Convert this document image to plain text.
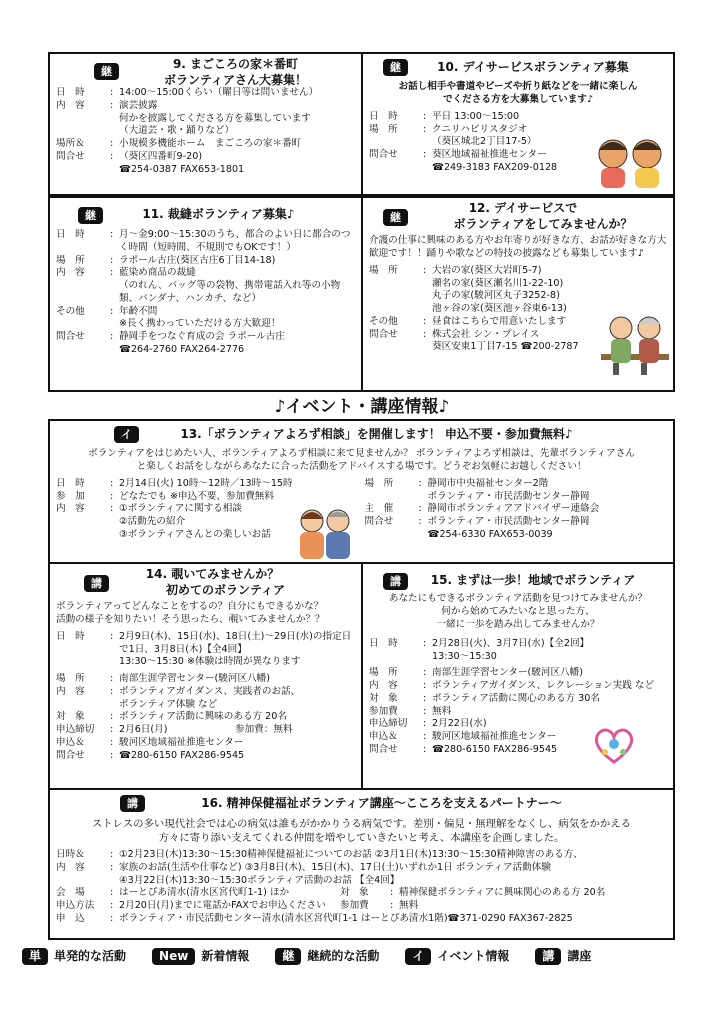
継
9. まごころの家＊番町
ボランティアさん大募集！
日　時	: 14:00～15:00くらい（曜日等は問いません）
内　容	: 演芸披露
何かを披露してくださる方を募集しています
（大道芸・歌・踊りなど）
場所＆	: 小規模多機能ホーム　まごころの家＊番町
問合せ	: （葵区四番町9-20)
☎254-0387 FAX653-1801
継	10. デイサービスボランティア募集
お話し相手や書道やビーズや折り紙などを一緒に楽しん
でくださる方を大募集しています♪
日　時	: 平日 13:00～15:00
場　所	: クニリハビリスタジオ
（葵区城北2丁目17-5）
問合せ	: 葵区地域福祉推進センター
☎249-3183 FAX209-0128
継	11. 裁縫ボランティア募集♪
日　時	: 月～金9:00～15:30のうち、都合のよい日に都合のつく時間（短時間、不規則でもOKです！）
場　所	: ラポール古庄(葵区古庄6丁目14-18)
内　容	: 藍染め商品の裁縫
（のれん、バッグ等の袋物、携帯電話入れ等の小物類、バンダナ、ハンカチ、など）
その他	: 年齢不問
※長く携わっていただける方大歓迎！
問合せ	: 静岡手をつなぐ育成の会 ラポール古庄
☎264-2760 FAX264-2776
継
12. デイサービスで
ボランティアをしてみませんか？
介護の仕事に興味のある方やお年寄りが好きな方、お話が好きな方大歓迎です！！踊りや歌などの特技の披露なども募集しています♪
場　所	: 大岩の家(葵区大岩町5-7)
瀬名の家(葵区瀬名川1-22-10)
丸子の家(駿河区丸子3252-8)
池ヶ谷の家(葵区池ヶ谷東6-13)
その他	: 昼食はこちらで用意いたします
問合せ	: 株式会社 シン・プレイス
葵区安東1丁目7-15 ☎200-2787
♪イベント・講座情報♪
イ	13.「ボランティアよろず相談」を開催します！ 申込不要・参加費無料♪
ボランティアをはじめたい人、ボランティアよろず相談に来て見ませんか？ ボランティアよろず相談は、先輩ボランティアさん
と楽しくお話をしながらあなたに合った活動をアドバイスする場です。どうぞお気軽にお越しください！
日　時	: 2月14日(火) 10時～12時／13時～15時
参　加	: どなたでも ※申込不要、参加費無料
内　容	: ①ボランティアに関する相談
②活動先の紹介
③ボランティアさんとの楽しいお話
場　所	: 静岡市中央福祉センター2階
ボランティア・市民活動センター静岡
主　催	: 静岡市ボランティアアドバイザー連絡会
問合せ	: ボランティア・市民活動センター静岡
☎254-6330 FAX653-0039
講
14. 覗いてみませんか？
初めてのボランティア
ボランティアってどんなことをするの？自分にもできるかな？
活動の様子を知りたい！そう思ったら、覗いてみませんか？？
日　時	: 2月9日(木)、15日(水)、18日(土)～29日(水)の指定日で1日、3月8日(木)【全4回】
13:30～15:30 ※体験は時間が異なります
場　所	: 南部生涯学習センター(駿河区八幡)
内　容	: ボランティアガイダンス、実践者のお話、
ボランティア体験 など
対　象	: ボランティア活動に興味のある方 20名
申込締切	: 2月6日(月)	参加費：無料
申込＆	: 駿河区地域福祉推進センター
問合せ	: ☎280-6150 FAX286-9545
講	15. まずは一歩！地域でボランティア
あなたにもできるボランティア活動を見つけてみませんか？
何から始めてみたいなと思った方、
一緒に一歩を踏み出してみませんか？
日　時	: 2月28日(火)、3月7日(水)【全2回】
13:30～15:30
場　所	: 南部生涯学習センター(駿河区八幡)
内　容	: ボランティアガイダンス、レクレーション実践 など
対　象	: ボランティア活動に関心のある方 30名
参加費	: 無料
申込締切	: 2月22日(水)
申込＆	: 駿河区地域福祉推進センター
問合せ	: ☎280-6150 FAX286-9545
講	16. 精神保健福祉ボランティア講座～こころを支えるパートナー～
ストレスの多い現代社会では心の病気は誰もがかかりうる病気です。差別・偏見・無理解をなくし、病気をかかえる
方々に寄り添い支えてくれる仲間を増やしていきたいと考え、本講座を企画しました。
日時＆	: ①2月23日(木)13:30～15:30精神保健福祉についてのお話 ②3月1日(木)13:30～15:30精神障害のある方、
内　容	: 家族のお話(生活や仕事など) ③3月8日(木)、15日(木)、17日(土)いずれか1日 ボランティア活動体験
④3月22日(木)13:30～15:30ボランティア活動のお話 【全4回】
会　場	: はーとぴあ清水(清水区宮代町1-1) ほか	対　象	: 精神保健ボランティアに興味関心のある方 20名
申込方法	: 2月20日(月)までに電話かFAXでお申込ください	参加費	: 無料
申　込	: ボランティア・市民活動センター清水(清水区宮代町1-1 はーとぴあ清水1階)☎371-0290 FAX367-2825
単	単発的な活動	New	新着情報	継	継続的な活動	イ	イベント情報	講	講座
